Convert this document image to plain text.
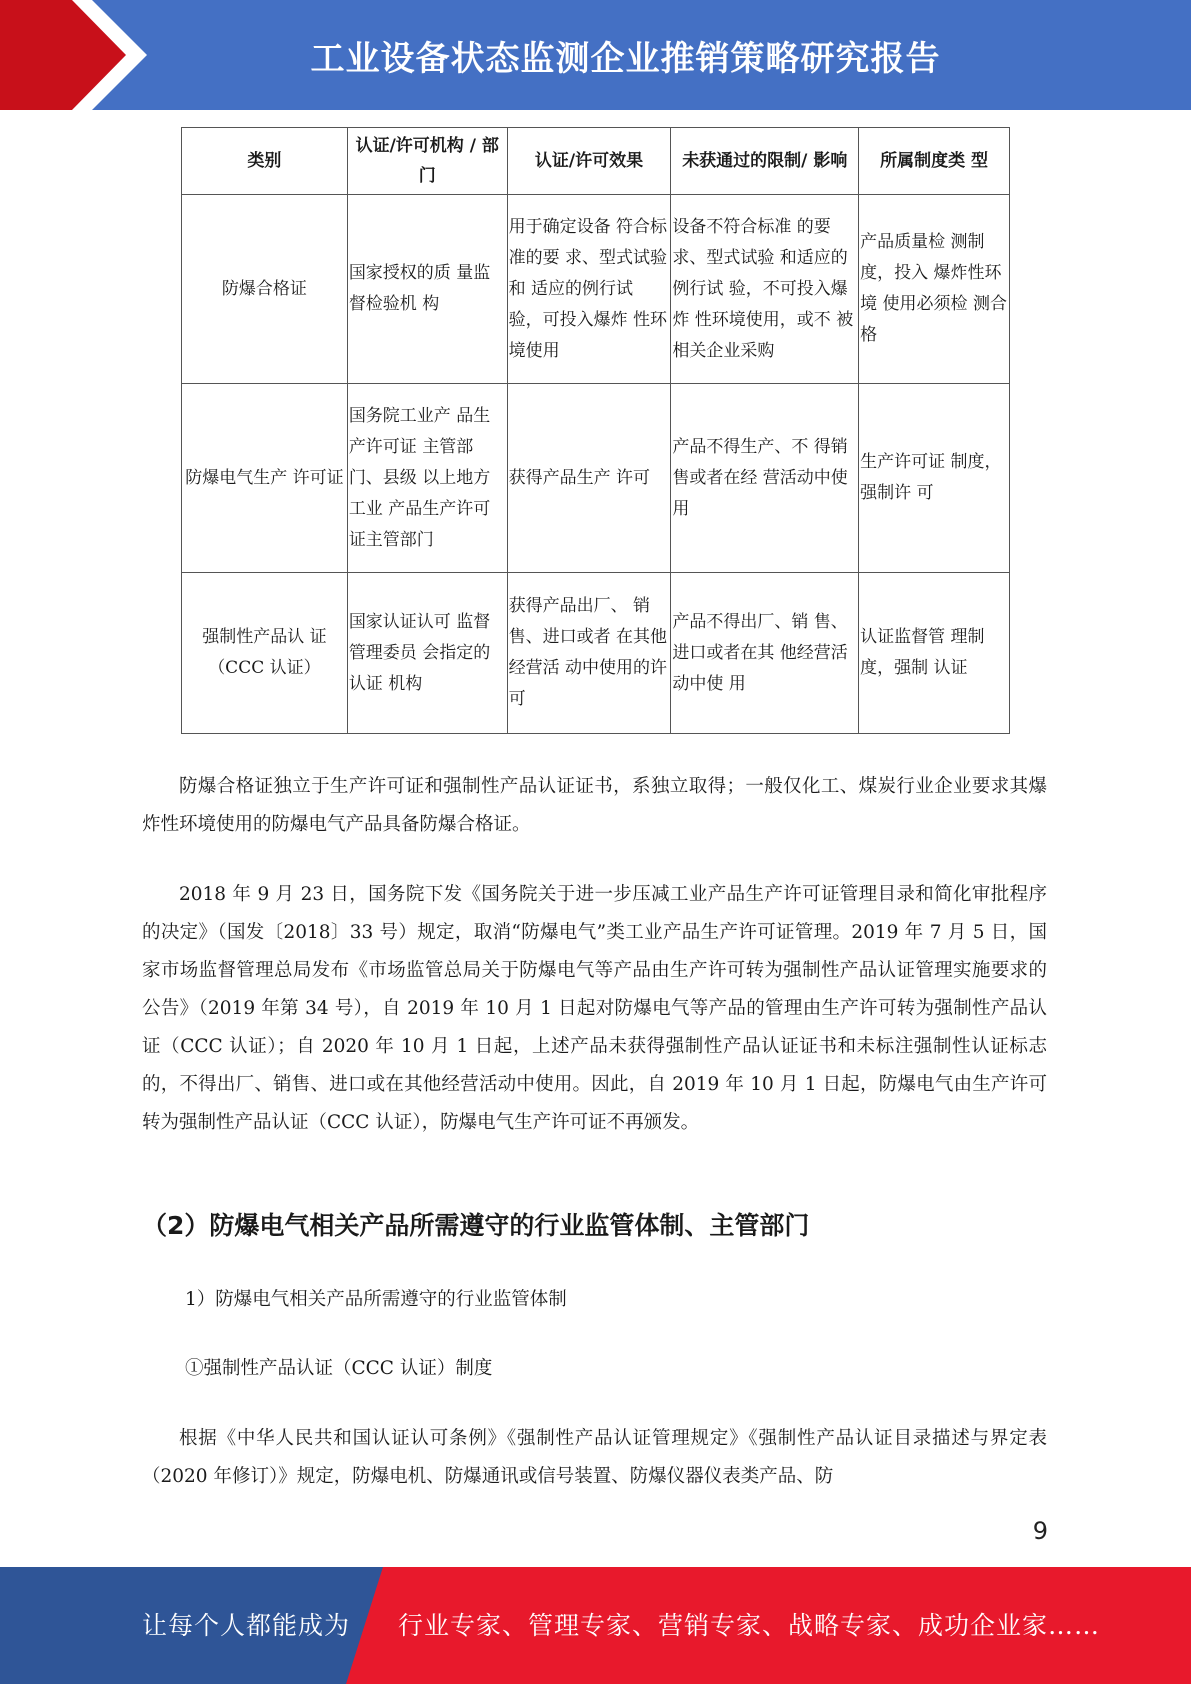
工业设备状态监测企业推销策略研究报告
类别	认证/许可机构 / 部门	认证/许可效果	未获通过的限制/ 影响	所属制度类 型
防爆合格证	国家授权的质 量监督检验机 构	用于确定设备 符合标准的要 求、型式试验和 适应的例行试 验，可投入爆炸 性环境使用	设备不符合标准 的要求、型式试验 和适应的例行试 验，不可投入爆炸 性环境使用，或不 被相关企业采购	产品质量检 测制度，投入 爆炸性环境 使用必须检 测合格
防爆电气生产 许可证	国务院工业产 品生产许可证 主管部门、县级 以上地方工业 产品生产许可 证主管部门	获得产品生产 许可	产品不得生产、不 得销售或者在经 营活动中使用	生产许可证 制度，强制许 可
强制性产品认 证（CCC 认证）	国家认证认可 监督管理委员 会指定的认证 机构	获得产品出厂、 销售、进口或者 在其他经营活 动中使用的许 可	产品不得出厂、销 售、进口或者在其 他经营活动中使 用	认证监督管 理制度，强制 认证

防爆合格证独立于生产许可证和强制性产品认证证书，系独立取得；一般仅化工、煤炭行业企业要求其爆炸性环境使用的防爆电气产品具备防爆合格证。

2018 年 9 月 23 日，国务院下发《国务院关于进一步压减工业产品生产许可证管理目录和简化审批程序的决定》（国发〔2018〕33 号）规定，取消“防爆电气”类工业产品生产许可证管理。2019 年 7 月 5 日，国家市场监督管理总局发布《市场监管总局关于防爆电气等产品由生产许可转为强制性产品认证管理实施要求的公告》（2019 年第 34 号），自 2019 年 10 月 1 日起对防爆电气等产品的管理由生产许可转为强制性产品认证（CCC 认证）；自 2020 年 10 月 1 日起，上述产品未获得强制性产品认证证书和未标注强制性认证标志的，不得出厂、销售、进口或在其他经营活动中使用。因此，自 2019 年 10 月 1 日起，防爆电气由生产许可转为强制性产品认证（CCC 认证），防爆电气生产许可证不再颁发。

（2）防爆电气相关产品所需遵守的行业监管体制、主管部门

1）防爆电气相关产品所需遵守的行业监管体制

①强制性产品认证（CCC 认证）制度

根据《中华人民共和国认证认可条例》《强制性产品认证管理规定》《强制性产品认证目录描述与界定表（2020 年修订）》规定，防爆电机、防爆通讯或信号装置、防爆仪器仪表类产品、防

9
让每个人都能成为 行业专家、管理专家、营销专家、战略专家、成功企业家……
